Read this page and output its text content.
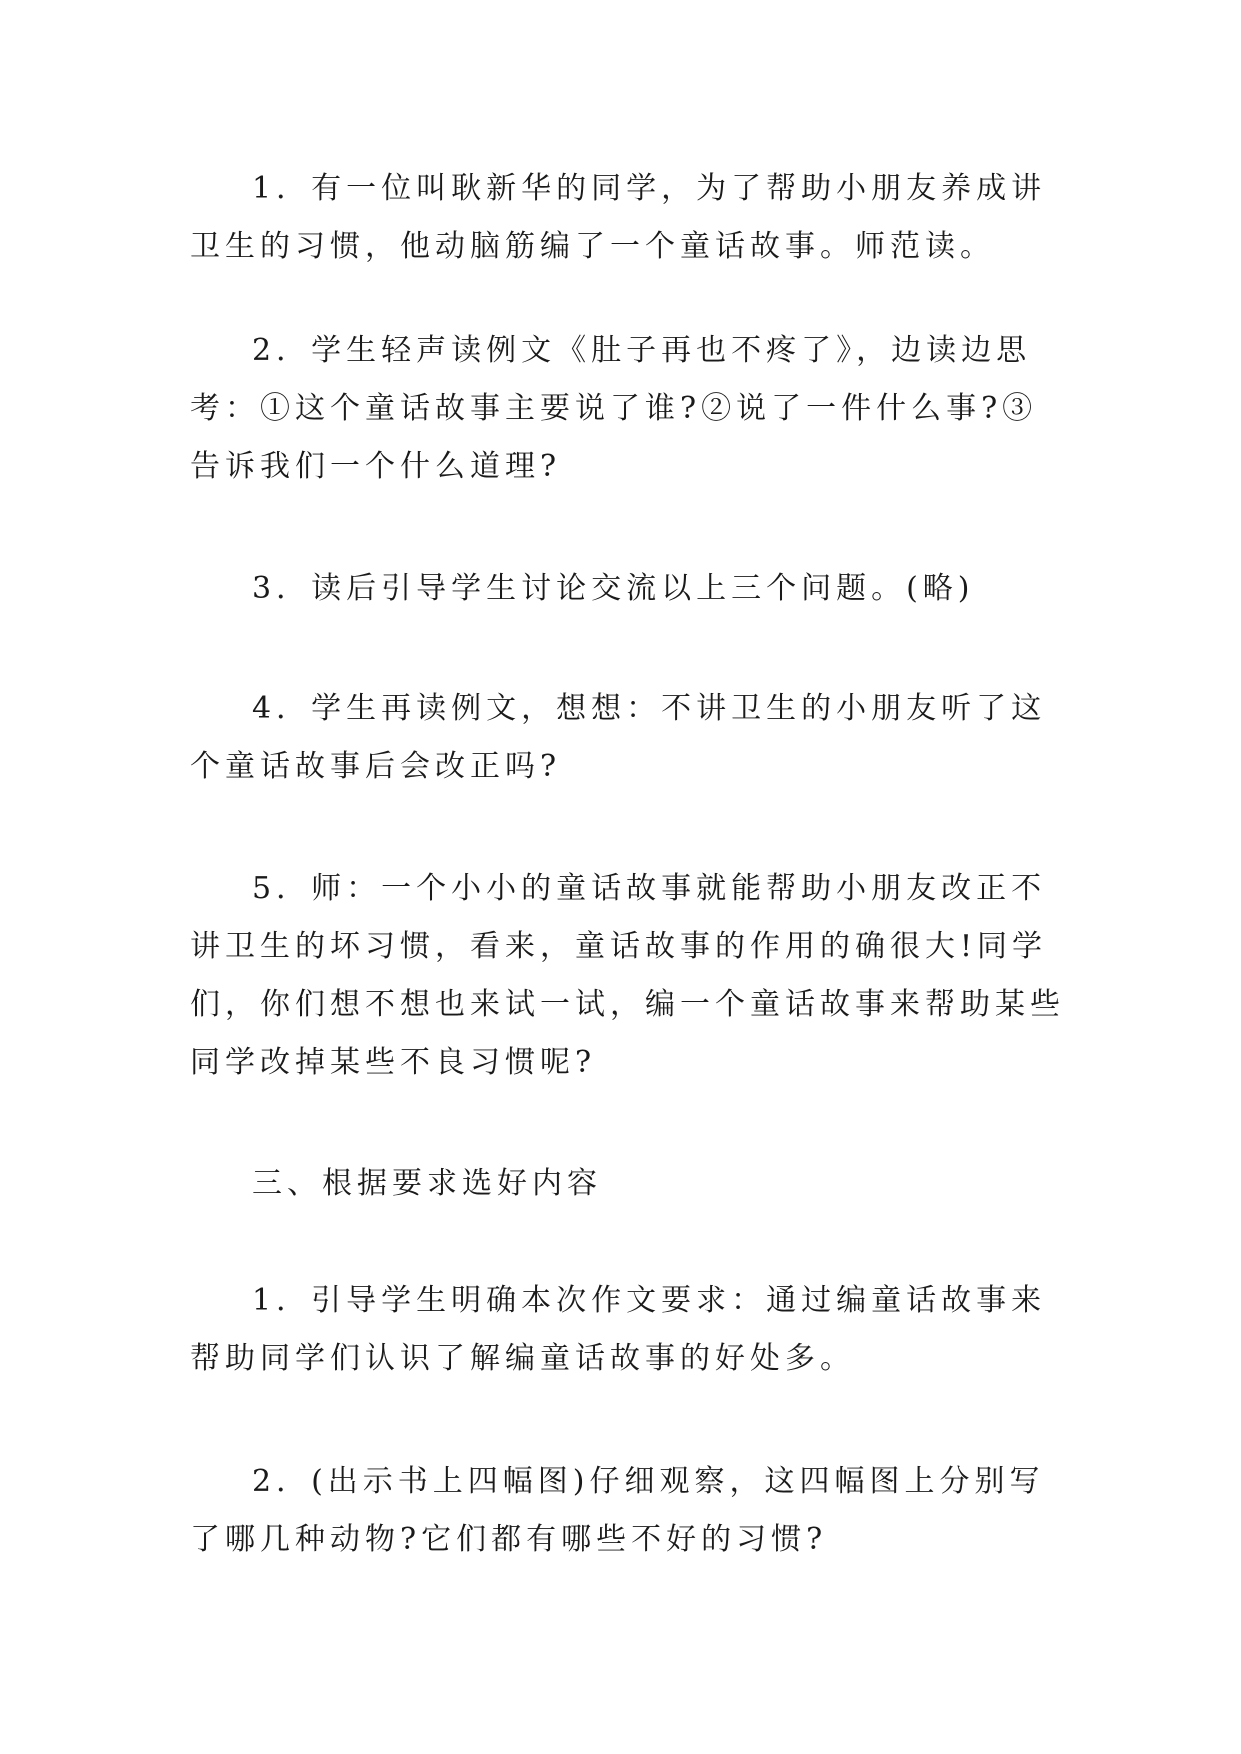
1．有一位叫耿新华的同学，为了帮助小朋友养成讲卫生的习惯，他动脑筋编了一个童话故事。师范读。

2．学生轻声读例文《肚子再也不疼了》，边读边思考：①这个童话故事主要说了谁?②说了一件什么事?③告诉我们一个什么道理?

3．读后引导学生讨论交流以上三个问题。(略)

4．学生再读例文，想想：不讲卫生的小朋友听了这个童话故事后会改正吗?

5．师：一个小小的童话故事就能帮助小朋友改正不讲卫生的坏习惯，看来，童话故事的作用的确很大!同学们，你们想不想也来试一试，编一个童话故事来帮助某些同学改掉某些不良习惯呢?

三、根据要求选好内容

1．引导学生明确本次作文要求：通过编童话故事来帮助同学们认识了解编童话故事的好处多。

2．(出示书上四幅图)仔细观察，这四幅图上分别写了哪几种动物?它们都有哪些不好的习惯?
